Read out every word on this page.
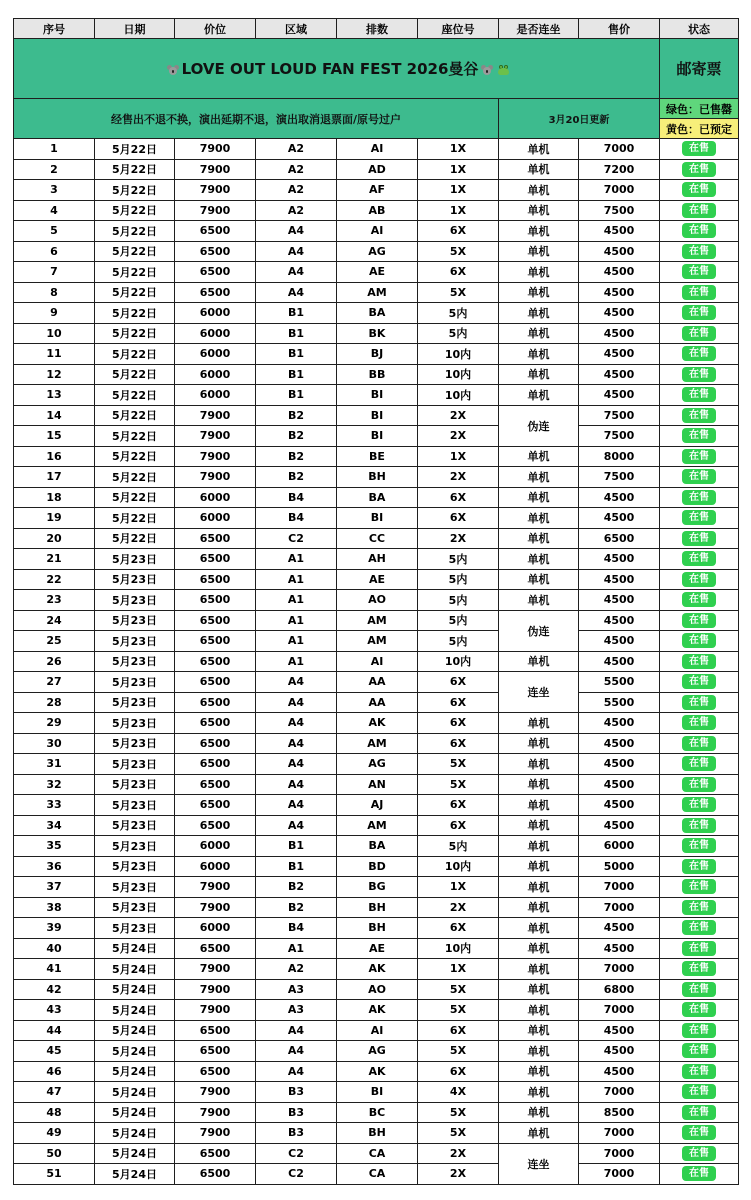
LOVE OUT LOUD FAN FEST 2026曼谷								邮寄票
经售出不退不换，演出延期不退，演出取消退票面/原号过户						3月20日更新		绿色：已售罄
								黄色：已预定
序号	日期	价位	区域	排数	座位号	是否连坐	售价	状态
1	5月22日	7900	A2	AI	1X	单机	7000	在售
2	5月22日	7900	A2	AD	1X	单机	7200	在售
3	5月22日	7900	A2	AF	1X	单机	7000	在售
4	5月22日	7900	A2	AB	1X	单机	7500	在售
5	5月22日	6500	A4	AI	6X	单机	4500	在售
6	5月22日	6500	A4	AG	5X	单机	4500	在售
7	5月22日	6500	A4	AE	6X	单机	4500	在售
8	5月22日	6500	A4	AM	5X	单机	4500	在售
9	5月22日	6000	B1	BA	5内	单机	4500	在售
10	5月22日	6000	B1	BK	5内	单机	4500	在售
11	5月22日	6000	B1	BJ	10内	单机	4500	在售
12	5月22日	6000	B1	BB	10内	单机	4500	在售
13	5月22日	6000	B1	BI	10内	单机	4500	在售
14	5月22日	7900	B2	BI	2X	伪连	7500	在售
15	5月22日	7900	B2	BI	2X		7500	在售
16	5月22日	7900	B2	BE	1X	单机	8000	在售
17	5月22日	7900	B2	BH	2X	单机	7500	在售
18	5月22日	6000	B4	BA	6X	单机	4500	在售
19	5月22日	6000	B4	BI	6X	单机	4500	在售
20	5月22日	6500	C2	CC	2X	单机	6500	在售
21	5月23日	6500	A1	AH	5内	单机	4500	在售
22	5月23日	6500	A1	AE	5内	单机	4500	在售
23	5月23日	6500	A1	AO	5内	单机	4500	在售
24	5月23日	6500	A1	AM	5内	伪连	4500	在售
25	5月23日	6500	A1	AM	5内		4500	在售
26	5月23日	6500	A1	AI	10内	单机	4500	在售
27	5月23日	6500	A4	AA	6X	连坐	5500	在售
28	5月23日	6500	A4	AA	6X		5500	在售
29	5月23日	6500	A4	AK	6X	单机	4500	在售
30	5月23日	6500	A4	AM	6X	单机	4500	在售
31	5月23日	6500	A4	AG	5X	单机	4500	在售
32	5月23日	6500	A4	AN	5X	单机	4500	在售
33	5月23日	6500	A4	AJ	6X	单机	4500	在售
34	5月23日	6500	A4	AM	6X	单机	4500	在售
35	5月23日	6000	B1	BA	5内	单机	6000	在售
36	5月23日	6000	B1	BD	10内	单机	5000	在售
37	5月23日	7900	B2	BG	1X	单机	7000	在售
38	5月23日	7900	B2	BH	2X	单机	7000	在售
39	5月23日	6000	B4	BH	6X	单机	4500	在售
40	5月24日	6500	A1	AE	10内	单机	4500	在售
41	5月24日	7900	A2	AK	1X	单机	7000	在售
42	5月24日	7900	A3	AO	5X	单机	6800	在售
43	5月24日	7900	A3	AK	5X	单机	7000	在售
44	5月24日	6500	A4	AI	6X	单机	4500	在售
45	5月24日	6500	A4	AG	5X	单机	4500	在售
46	5月24日	6500	A4	AK	6X	单机	4500	在售
47	5月24日	7900	B3	BI	4X	单机	7000	在售
48	5月24日	7900	B3	BC	5X	单机	8500	在售
49	5月24日	7900	B3	BH	5X	单机	7000	在售
50	5月24日	6500	C2	CA	2X	连坐	7000	在售
51	5月24日	6500	C2	CA	2X		7000	在售
